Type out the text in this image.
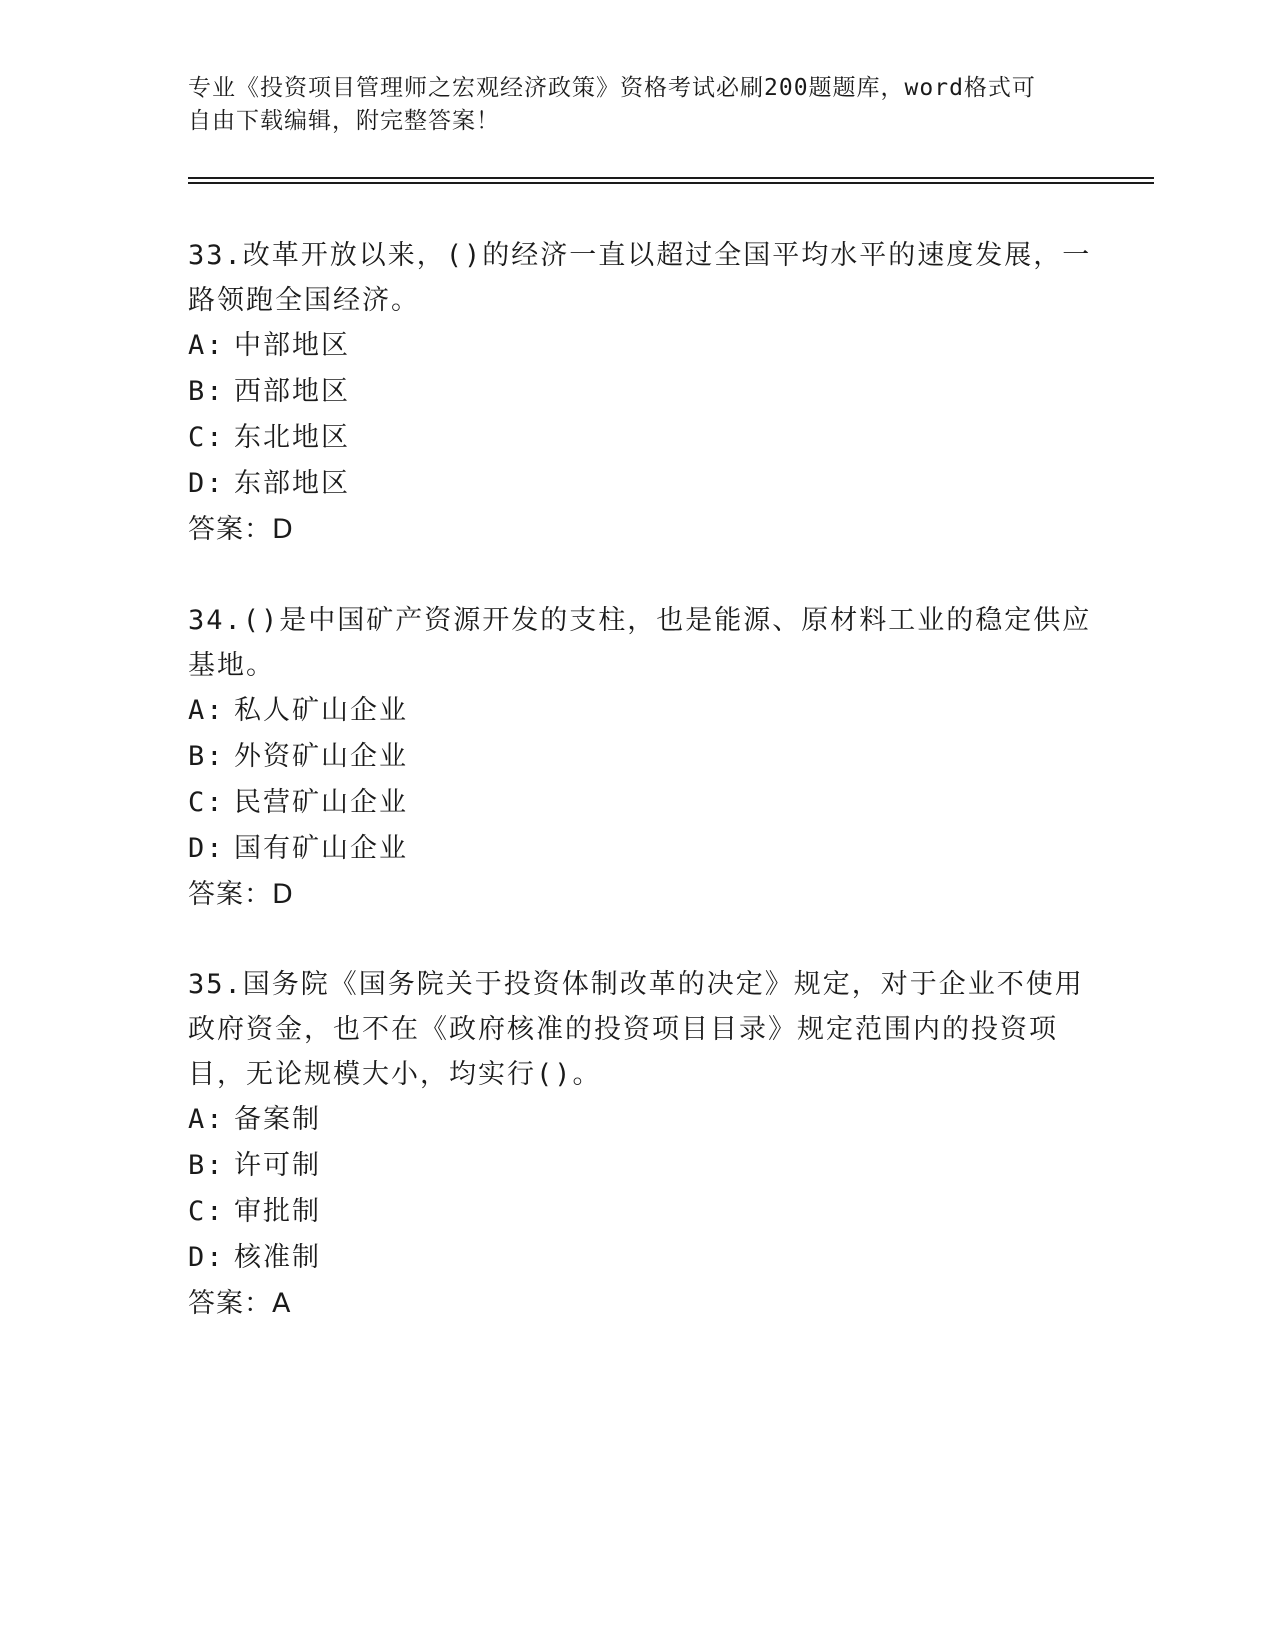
专业《投资项目管理师之宏观经济政策》资格考试必刷200题题库，word格式可
自由下载编辑，附完整答案！
33.改革开放以来，()的经济一直以超过全国平均水平的速度发展，一
路领跑全国经济。
A: 中部地区
B: 西部地区
C: 东北地区
D: 东部地区
答案：D
34.()是中国矿产资源开发的支柱，也是能源、原材料工业的稳定供应
基地。
A: 私人矿山企业
B: 外资矿山企业
C: 民营矿山企业
D: 国有矿山企业
答案：D
35.国务院《国务院关于投资体制改革的决定》规定，对于企业不使用
政府资金，也不在《政府核准的投资项目目录》规定范围内的投资项
目，无论规模大小，均实行()。
A: 备案制
B: 许可制
C: 审批制
D: 核准制
答案：A
